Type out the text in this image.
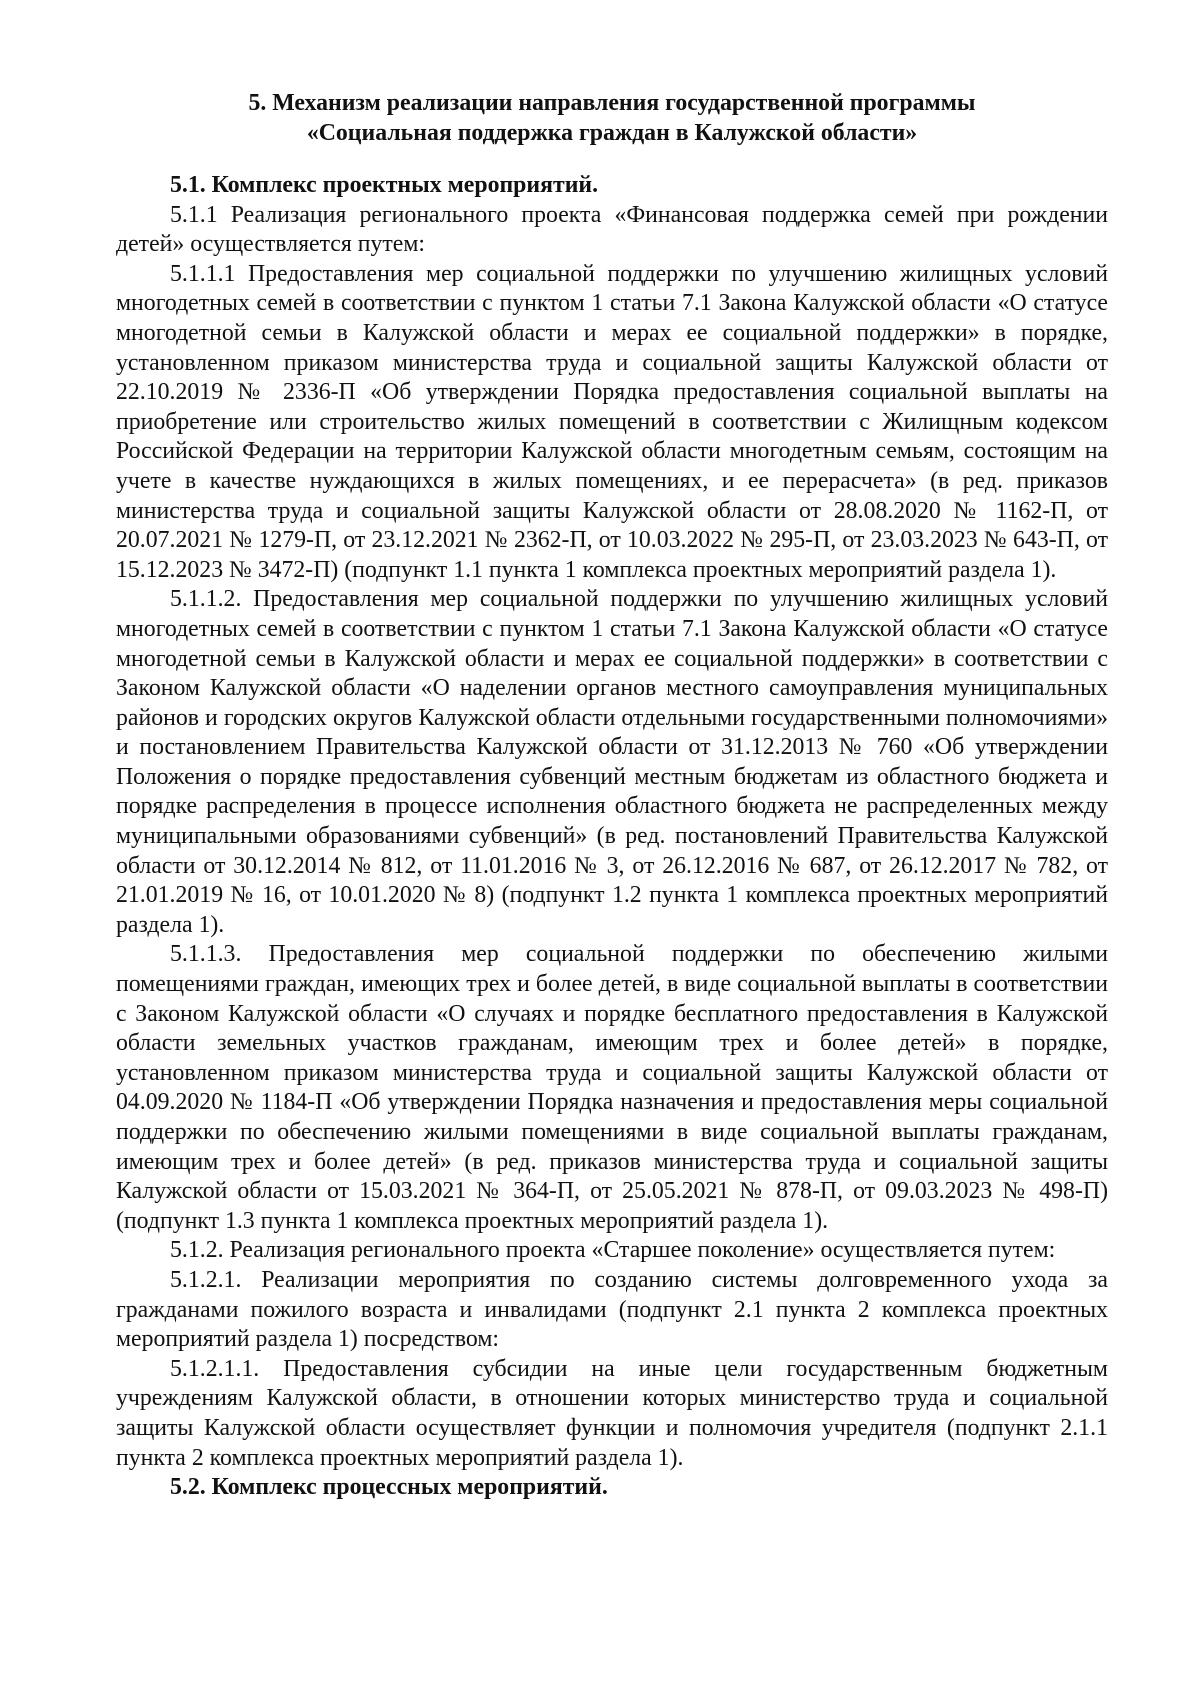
5. Механизм реализации направления государственной программы
«Социальная поддержка граждан в Калужской области»

5.1. Комплекс проектных мероприятий.

5.1.1 Реализация регионального проекта «Финансовая поддержка семей при рождении детей» осуществляется путем:

5.1.1.1 Предоставления мер социальной поддержки по улучшению жилищных условий многодетных семей в соответствии с пунктом 1 статьи 7.1 Закона Калужской области «О статусе многодетной семьи в Калужской области и мерах ее социальной поддержки» в порядке, установленном приказом министерства труда и социальной защиты Калужской области от 22.10.2019 № 2336-П «Об утверждении Порядка предоставления социальной выплаты на приобретение или строительство жилых помещений в соответствии с Жилищным кодексом Российской Федерации на территории Калужской области многодетным семьям, состоящим на учете в качестве нуждающихся в жилых помещениях, и ее перерасчета» (в ред. приказов министерства труда и социальной защиты Калужской области от 28.08.2020 № 1162-П, от 20.07.2021 № 1279-П, от 23.12.2021 № 2362-П, от 10.03.2022 № 295-П, от 23.03.2023 № 643-П, от 15.12.2023 № 3472-П) (подпункт 1.1 пункта 1 комплекса проектных мероприятий раздела 1).

5.1.1.2. Предоставления мер социальной поддержки по улучшению жилищных условий многодетных семей в соответствии с пунктом 1 статьи 7.1 Закона Калужской области «О статусе многодетной семьи в Калужской области и мерах ее социальной поддержки» в соответствии с Законом Калужской области «О наделении органов местного самоуправления муниципальных районов и городских округов Калужской области отдельными государственными полномочиями» и постановлением Правительства Калужской области от 31.12.2013 № 760 «Об утверждении Положения о порядке предоставления субвенций местным бюджетам из областного бюджета и порядке распределения в процессе исполнения областного бюджета не распределенных между муниципальными образованиями субвенций» (в ред. постановлений Правительства Калужской области от 30.12.2014 № 812, от 11.01.2016 № 3, от 26.12.2016 № 687, от 26.12.2017 № 782, от 21.01.2019 № 16, от 10.01.2020 № 8) (подпункт 1.2 пункта 1 комплекса проектных мероприятий раздела 1).

5.1.1.3. Предоставления мер социальной поддержки по обеспечению жилыми помещениями граждан, имеющих трех и более детей, в виде социальной выплаты в соответствии с Законом Калужской области «О случаях и порядке бесплатного предоставления в Калужской области земельных участков гражданам, имеющим трех и более детей» в порядке, установленном приказом министерства труда и социальной защиты Калужской области от 04.09.2020 № 1184-П «Об утверждении Порядка назначения и предоставления меры социальной поддержки по обеспечению жилыми помещениями в виде социальной выплаты гражданам, имеющим трех и более детей» (в ред. приказов министерства труда и социальной защиты Калужской области от 15.03.2021 № 364-П, от 25.05.2021 № 878-П, от 09.03.2023 № 498-П) (подпункт 1.3 пункта 1 комплекса проектных мероприятий раздела 1).

5.1.2. Реализация регионального проекта «Старшее поколение» осуществляется путем:

5.1.2.1. Реализации мероприятия по созданию системы долговременного ухода за гражданами пожилого возраста и инвалидами (подпункт 2.1 пункта 2 комплекса проектных мероприятий раздела 1) посредством:

5.1.2.1.1. Предоставления субсидии на иные цели государственным бюджетным учреждениям Калужской области, в отношении которых министерство труда и социальной защиты Калужской области осуществляет функции и полномочия учредителя (подпункт 2.1.1 пункта 2 комплекса проектных мероприятий раздела 1).

5.2. Комплекс процессных мероприятий.
